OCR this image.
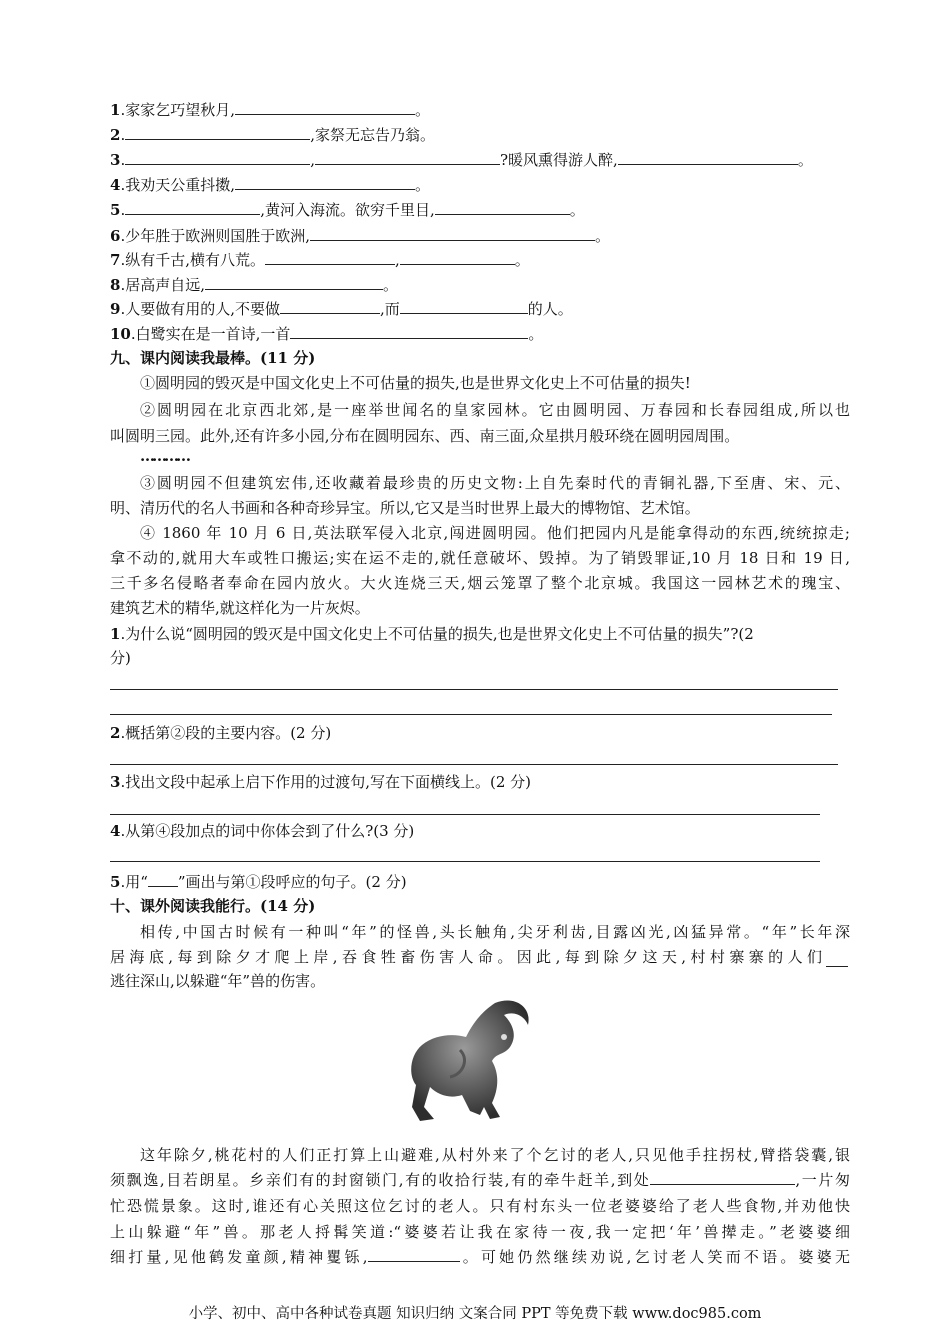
1.家家乞巧望秋月,	。
2.	,家祭无忘告乃翁。
3.	,	?暖风熏得游人醉,	。
4.我劝天公重抖擞,	。
5.	,黄河入海流。欲穷千里目,	。
6.少年胜于欧洲则国胜于欧洲,	。
7.纵有千古,横有八荒。	,	。
8.居高声自远,	。
9.人要做有用的人,不要做	,而	的人。
10.白鹭实在是一首诗,一首	。
九、课内阅读我最棒。(11 分)
①圆明园的毁灭是中国文化史上不可估量的损失,也是世界文化史上不可估量的损失!
②圆明园在北京西北郊,是一座举世闻名的皇家园林。它由圆明园、万春园和长春园组成,所以也
叫圆明三园。此外,还有许多小园,分布在圆明园东、西、南三面,众星拱月般环绕在圆明园周围。
…………
③圆明园不但建筑宏伟,还收藏着最珍贵的历史文物:上自先秦时代的青铜礼器,下至唐、宋、元、
明、清历代的名人书画和各种奇珍异宝。所以,它又是当时世界上最大的博物馆、艺术馆。
④ 1860 年 10 月 6 日,英法联军侵入北京,闯进圆明园。他们把园内凡是能拿得动的东西,统统掠走;
拿不动的,就用大车或牲口搬运;实在运不走的,就任意破坏、毁掉。为了销毁罪证,10 月 18 日和 19 日,
三千多名侵略者奉命在园内放火。大火连烧三天,烟云笼罩了整个北京城。我国这一园林艺术的瑰宝、
建筑艺术的精华,就这样化为一片灰烬。
1.为什么说“圆明园的毁灭是中国文化史上不可估量的损失,也是世界文化史上不可估量的损失”?(2
分)
2.概括第②段的主要内容。(2 分)
3.找出文段中起承上启下作用的过渡句,写在下面横线上。(2 分)
4.从第④段加点的词中你体会到了什么?(3 分)
5.用“ ”画出与第①段呼应的句子。(2 分)
十、课外阅读我能行。(14 分)
相传,中国古时候有一种叫“年”的怪兽,头长触角,尖牙利齿,目露凶光,凶猛异常。“年”长年深
居海底,每到除夕才爬上岸,吞食牲畜伤害人命。因此,每到除夕这天,村村寨寨的人们
逃往深山,以躲避“年”兽的伤害。
这年除夕,桃花村的人们正打算上山避难,从村外来了个乞讨的老人,只见他手拄拐杖,臂搭袋囊,银
须飘逸,目若朗星。乡亲们有的封窗锁门,有的收拾行装,有的牵牛赶羊,到处	,一片匆
忙恐慌景象。这时,谁还有心关照这位乞讨的老人。只有村东头一位老婆婆给了老人些食物,并劝他快
上山躲避“年”兽。那老人捋髯笑道:“婆婆若让我在家待一夜,我一定把‘年’兽撵走。”老婆婆细
细打量,见他鹤发童颜,精神矍铄,	。可她仍然继续劝说,乞讨老人笑而不语。婆婆无
小学、初中、高中各种试卷真题 知识归纳 文案合同 PPT 等免费下载 www.doc985.com
